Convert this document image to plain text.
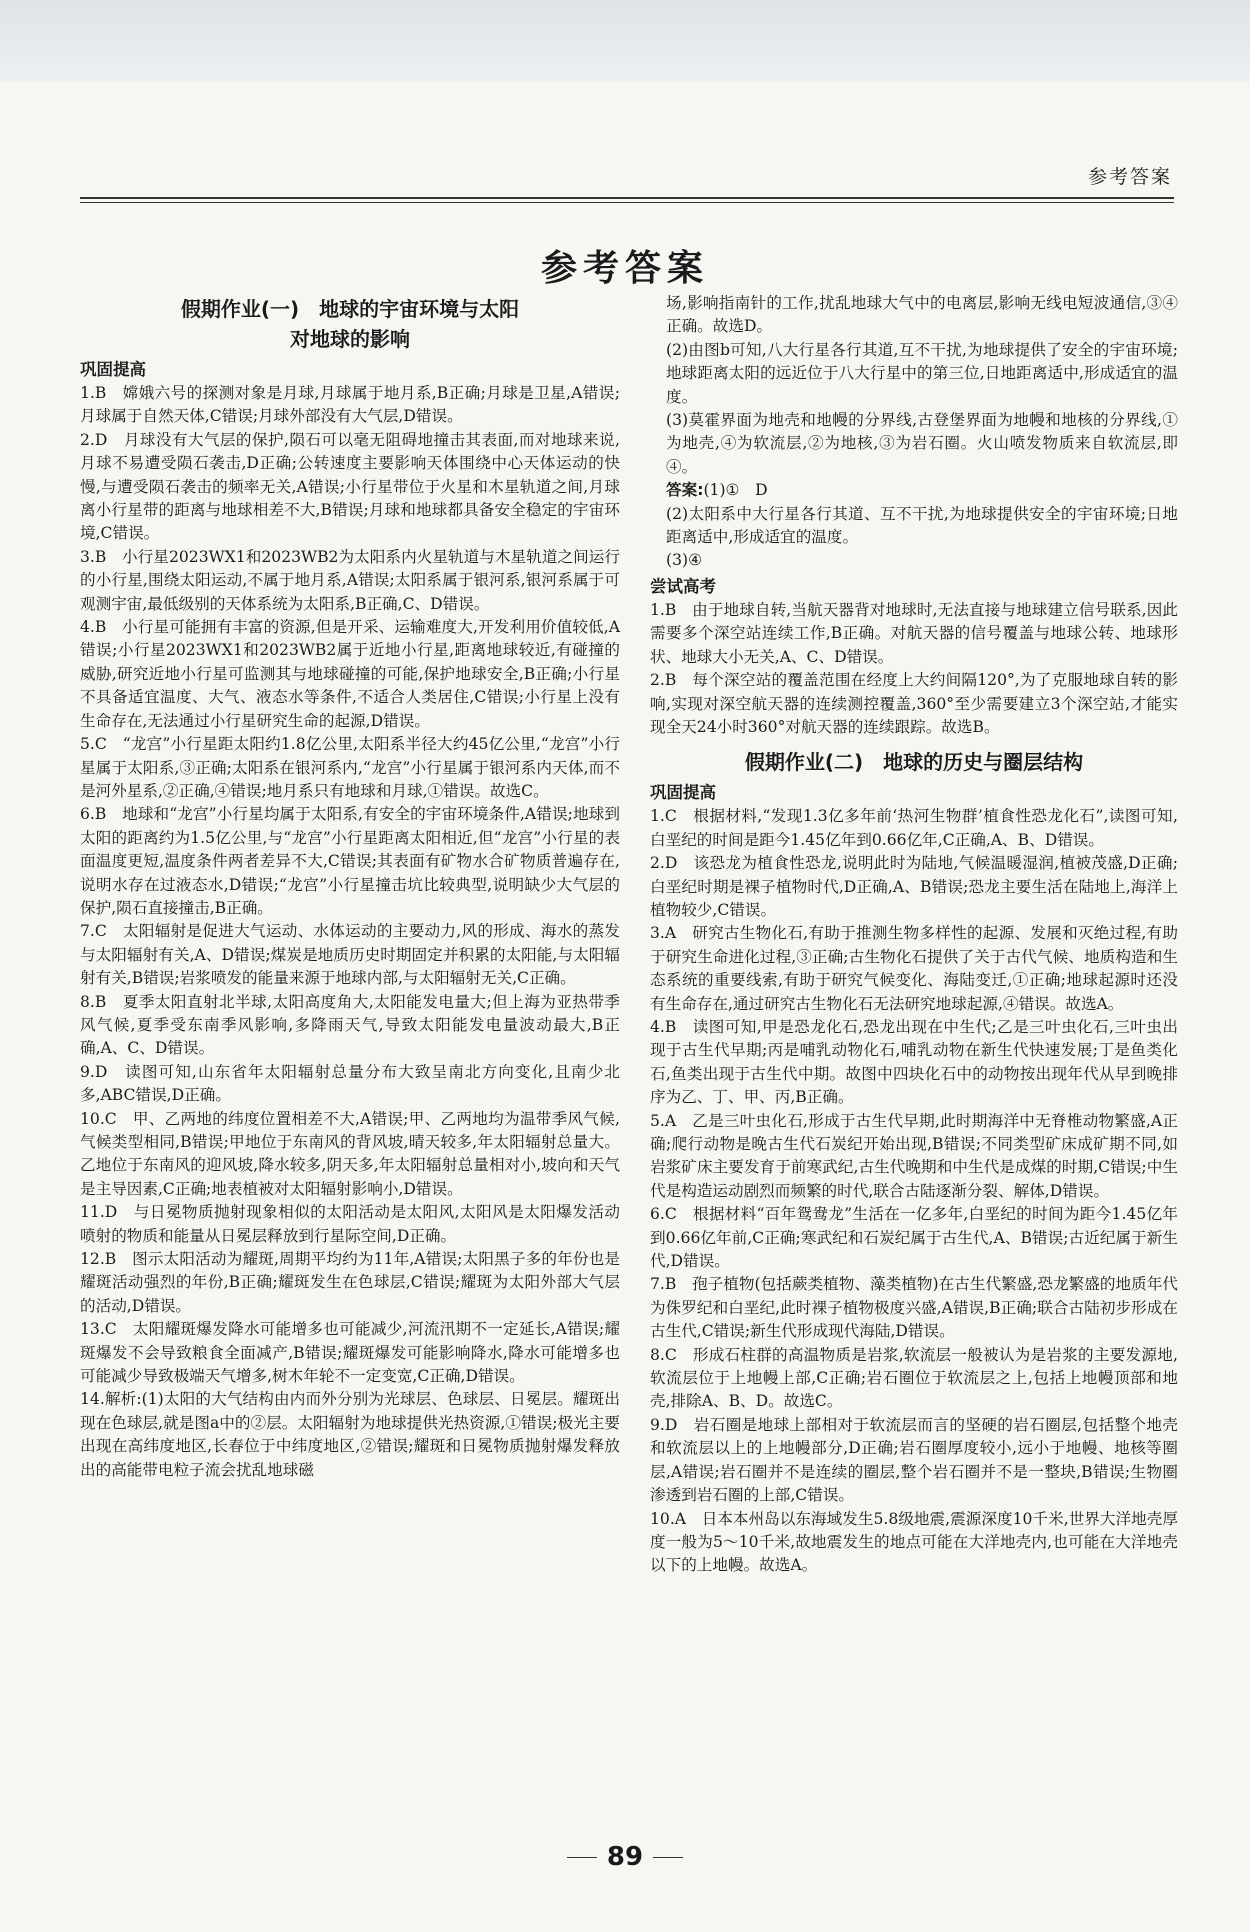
参考答案
参考答案
假期作业(一)　地球的宇宙环境与太阳
对地球的影响
巩固提高
1.B　嫦娥六号的探测对象是月球,月球属于地月系,B正确;月球是卫星,A错误;月球属于自然天体,C错误;月球外部没有大气层,D错误。
2.D　月球没有大气层的保护,陨石可以毫无阻碍地撞击其表面,而对地球来说,月球不易遭受陨石袭击,D正确;公转速度主要影响天体围绕中心天体运动的快慢,与遭受陨石袭击的频率无关,A错误;小行星带位于火星和木星轨道之间,月球离小行星带的距离与地球相差不大,B错误;月球和地球都具备安全稳定的宇宙环境,C错误。
3.B　小行星2023WX1和2023WB2为太阳系内火星轨道与木星轨道之间运行的小行星,围绕太阳运动,不属于地月系,A错误;太阳系属于银河系,银河系属于可观测宇宙,最低级别的天体系统为太阳系,B正确,C、D错误。
4.B　小行星可能拥有丰富的资源,但是开采、运输难度大,开发利用价值较低,A错误;小行星2023WX1和2023WB2属于近地小行星,距离地球较近,有碰撞的威胁,研究近地小行星可监测其与地球碰撞的可能,保护地球安全,B正确;小行星不具备适宜温度、大气、液态水等条件,不适合人类居住,C错误;小行星上没有生命存在,无法通过小行星研究生命的起源,D错误。
5.C　“龙宫”小行星距太阳约1.8亿公里,太阳系半径大约45亿公里,“龙宫”小行星属于太阳系,③正确;太阳系在银河系内,“龙宫”小行星属于银河系内天体,而不是河外星系,②正确,④错误;地月系只有地球和月球,①错误。故选C。
6.B　地球和“龙宫”小行星均属于太阳系,有安全的宇宙环境条件,A错误;地球到太阳的距离约为1.5亿公里,与“龙宫”小行星距离太阳相近,但“龙宫”小行星的表面温度更短,温度条件两者差异不大,C错误;其表面有矿物水合矿物质普遍存在,说明水存在过液态水,D错误;“龙宫”小行星撞击坑比较典型,说明缺少大气层的保护,陨石直接撞击,B正确。
7.C　太阳辐射是促进大气运动、水体运动的主要动力,风的形成、海水的蒸发与太阳辐射有关,A、D错误;煤炭是地质历史时期固定并积累的太阳能,与太阳辐射有关,B错误;岩浆喷发的能量来源于地球内部,与太阳辐射无关,C正确。
8.B　夏季太阳直射北半球,太阳高度角大,太阳能发电量大;但上海为亚热带季风气候,夏季受东南季风影响,多降雨天气,导致太阳能发电量波动最大,B正确,A、C、D错误。
9.D　读图可知,山东省年太阳辐射总量分布大致呈南北方向变化,且南少北多,ABC错误,D正确。
10.C　甲、乙两地的纬度位置相差不大,A错误;甲、乙两地均为温带季风气候,气候类型相同,B错误;甲地位于东南风的背风坡,晴天较多,年太阳辐射总量大。乙地位于东南风的迎风坡,降水较多,阴天多,年太阳辐射总量相对小,坡向和天气是主导因素,C正确;地表植被对太阳辐射影响小,D错误。
11.D　与日冕物质抛射现象相似的太阳活动是太阳风,太阳风是太阳爆发活动喷射的物质和能量从日冕层释放到行星际空间,D正确。
12.B　图示太阳活动为耀斑,周期平均约为11年,A错误;太阳黑子多的年份也是耀斑活动强烈的年份,B正确;耀斑发生在色球层,C错误;耀斑为太阳外部大气层的活动,D错误。
13.C　太阳耀斑爆发降水可能增多也可能减少,河流汛期不一定延长,A错误;耀斑爆发不会导致粮食全面减产,B错误;耀斑爆发可能影响降水,降水可能增多也可能减少导致极端天气增多,树木年轮不一定变宽,C正确,D错误。
14.解析:(1)太阳的大气结构由内而外分别为光球层、色球层、日冕层。耀斑出现在色球层,就是图a中的②层。太阳辐射为地球提供光热资源,①错误;极光主要出现在高纬度地区,长春位于中纬度地区,②错误;耀斑和日冕物质抛射爆发释放出的高能带电粒子流会扰乱地球磁
场,影响指南针的工作,扰乱地球大气中的电离层,影响无线电短波通信,③④正确。故选D。
(2)由图b可知,八大行星各行其道,互不干扰,为地球提供了安全的宇宙环境;地球距离太阳的远近位于八大行星中的第三位,日地距离适中,形成适宜的温度。
(3)莫霍界面为地壳和地幔的分界线,古登堡界面为地幔和地核的分界线,①为地壳,④为软流层,②为地核,③为岩石圈。火山喷发物质来自软流层,即④。
答案:(1)①　D
(2)太阳系中大行星各行其道、互不干扰,为地球提供安全的宇宙环境;日地距离适中,形成适宜的温度。
(3)④
尝试高考
1.B　由于地球自转,当航天器背对地球时,无法直接与地球建立信号联系,因此需要多个深空站连续工作,B正确。对航天器的信号覆盖与地球公转、地球形状、地球大小无关,A、C、D错误。
2.B　每个深空站的覆盖范围在经度上大约间隔120°,为了克服地球自转的影响,实现对深空航天器的连续测控覆盖,360°至少需要建立3个深空站,才能实现全天24小时360°对航天器的连续跟踪。故选B。
假期作业(二)　地球的历史与圈层结构
巩固提高
1.C　根据材料,“发现1.3亿多年前‘热河生物群’植食性恐龙化石”,读图可知,白垩纪的时间是距今1.45亿年到0.66亿年,C正确,A、B、D错误。
2.D　该恐龙为植食性恐龙,说明此时为陆地,气候温暖湿润,植被茂盛,D正确;白垩纪时期是裸子植物时代,D正确,A、B错误;恐龙主要生活在陆地上,海洋上植物较少,C错误。
3.A　研究古生物化石,有助于推测生物多样性的起源、发展和灭绝过程,有助于研究生命进化过程,③正确;古生物化石提供了关于古代气候、地质构造和生态系统的重要线索,有助于研究气候变化、海陆变迁,①正确;地球起源时还没有生命存在,通过研究古生物化石无法研究地球起源,④错误。故选A。
4.B　读图可知,甲是恐龙化石,恐龙出现在中生代;乙是三叶虫化石,三叶虫出现于古生代早期;丙是哺乳动物化石,哺乳动物在新生代快速发展;丁是鱼类化石,鱼类出现于古生代中期。故图中四块化石中的动物按出现年代从早到晚排序为乙、丁、甲、丙,B正确。
5.A　乙是三叶虫化石,形成于古生代早期,此时期海洋中无脊椎动物繁盛,A正确;爬行动物是晚古生代石炭纪开始出现,B错误;不同类型矿床成矿期不同,如岩浆矿床主要发育于前寒武纪,古生代晚期和中生代是成煤的时期,C错误;中生代是构造运动剧烈而频繁的时代,联合古陆逐渐分裂、解体,D错误。
6.C　根据材料“百年鸳鸯龙”生活在一亿多年,白垩纪的时间为距今1.45亿年到0.66亿年前,C正确;寒武纪和石炭纪属于古生代,A、B错误;古近纪属于新生代,D错误。
7.B　孢子植物(包括蕨类植物、藻类植物)在古生代繁盛,恐龙繁盛的地质年代为侏罗纪和白垩纪,此时裸子植物极度兴盛,A错误,B正确;联合古陆初步形成在古生代,C错误;新生代形成现代海陆,D错误。
8.C　形成石柱群的高温物质是岩浆,软流层一般被认为是岩浆的主要发源地,软流层位于上地幔上部,C正确;岩石圈位于软流层之上,包括上地幔顶部和地壳,排除A、B、D。故选C。
9.D　岩石圈是地球上部相对于软流层而言的坚硬的岩石圈层,包括整个地壳和软流层以上的上地幔部分,D正确;岩石圈厚度较小,远小于地幔、地核等圈层,A错误;岩石圈并不是连续的圈层,整个岩石圈并不是一整块,B错误;生物圈渗透到岩石圈的上部,C错误。
10.A　日本本州岛以东海域发生5.8级地震,震源深度10千米,世界大洋地壳厚度一般为5～10千米,故地震发生的地点可能在大洋地壳内,也可能在大洋地壳以下的上地幔。故选A。
89
